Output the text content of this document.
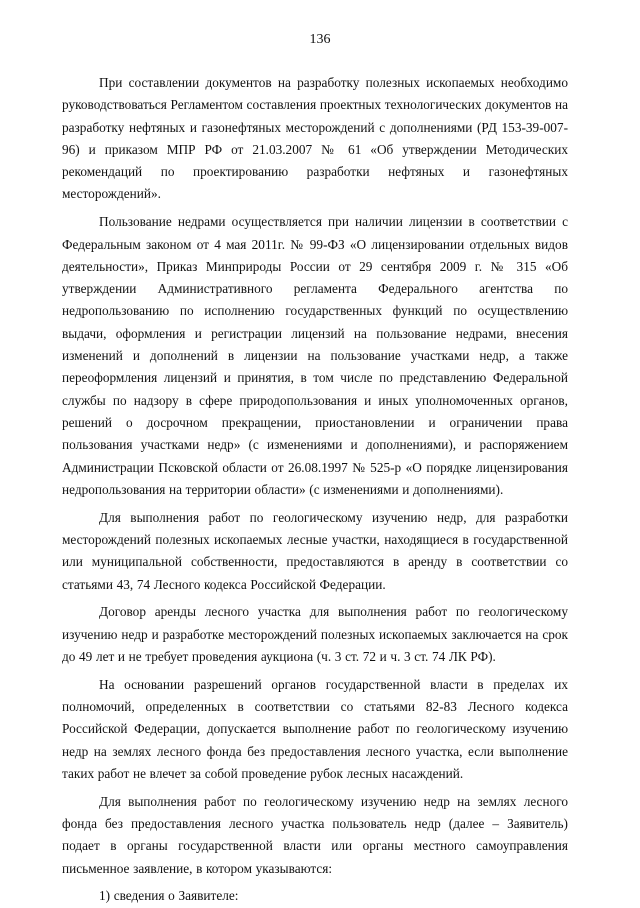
136

При составлении документов на разработку полезных ископаемых необходимо руководствоваться Регламентом составления проектных технологических документов на разработку нефтяных и газонефтяных месторождений с дополнениями (РД 153-39-007-96) и приказом МПР РФ от 21.03.2007 № 61 «Об утверждении Методических рекомендаций по проектированию разработки нефтяных и газонефтяных месторождений».

Пользование недрами осуществляется при наличии лицензии в соответствии с Федеральным законом от 4 мая 2011г. № 99-ФЗ «О лицензировании отдельных видов деятельности», Приказ Минприроды России от 29 сентября 2009 г. № 315 «Об утверждении Административного регламента Федерального агентства по недропользованию по исполнению государственных функций по осуществлению выдачи, оформления и регистрации лицензий на пользование недрами, внесения изменений и дополнений в лицензии на пользование участками недр, а также переоформления лицензий и принятия, в том числе по представлению Федеральной службы по надзору в сфере природопользования и иных уполномоченных органов, решений о досрочном прекращении, приостановлении и ограничении права пользования участками недр» (с изменениями и дополнениями), и распоряжением Администрации Псковской области от 26.08.1997 № 525-р «О порядке лицензирования недропользования на территории области» (с изменениями и дополнениями).

Для выполнения работ по геологическому изучению недр, для разработки месторождений полезных ископаемых лесные участки, находящиеся в государственной или муниципальной собственности, предоставляются в аренду в соответствии со статьями 43, 74 Лесного кодекса Российской Федерации.

Договор аренды лесного участка для выполнения работ по геологическому изучению недр и разработке месторождений полезных ископаемых заключается на срок до 49 лет и не требует проведения аукциона (ч. 3 ст. 72 и ч. 3 ст. 74 ЛК РФ).

На основании разрешений органов государственной власти в пределах их полномочий, определенных в соответствии со статьями 82-83 Лесного кодекса Российской Федерации, допускается выполнение работ по геологическому изучению недр на землях лесного фонда без предоставления лесного участка, если выполнение таких работ не влечет за собой проведение рубок лесных насаждений.

Для выполнения работ по геологическому изучению недр на землях лесного фонда без предоставления лесного участка пользователь недр (далее – Заявитель) подает в органы государственной власти или органы местного самоуправления письменное заявление, в котором указываются:

1) сведения о Заявителе:
